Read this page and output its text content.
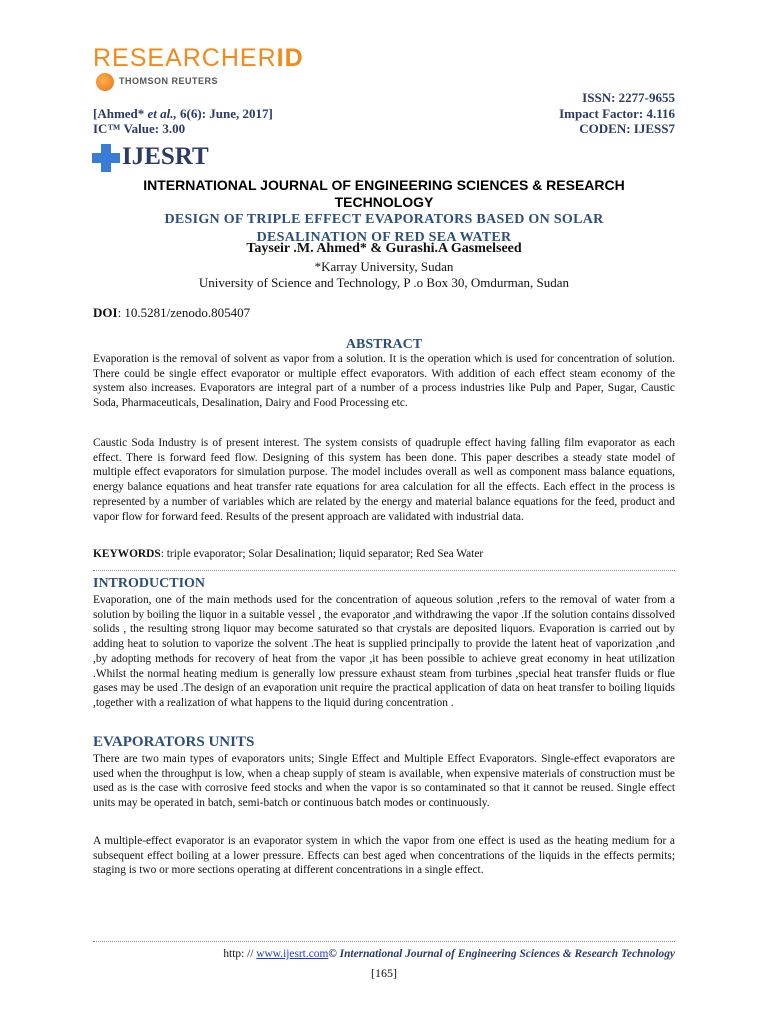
RESEARCHERID
THOMSON REUTERS
ISSN: 2277-9655
[Ahmed* et al., 6(6): June, 2017]	Impact Factor: 4.116
IC™ Value: 3.00	CODEN: IJESS7
IJESRT
INTERNATIONAL JOURNAL OF ENGINEERING SCIENCES & RESEARCH TECHNOLOGY
DESIGN OF TRIPLE EFFECT EVAPORATORS BASED ON SOLAR
DESALINATION OF RED SEA WATER
Tayseir .M. Ahmed* & Gurashi.A Gasmelseed
*Karray University, Sudan
University of Science and Technology, P .o Box 30, Omdurman, Sudan
DOI: 10.5281/zenodo.805407
ABSTRACT
Evaporation is the removal of solvent as vapor from a solution. It is the operation which is used for concentration of solution. There could be single effect evaporator or multiple effect evaporators. With addition of each effect steam economy of the system also increases. Evaporators are integral part of a number of a process industries like Pulp and Paper, Sugar, Caustic Soda, Pharmaceuticals, Desalination, Dairy and Food Processing etc.
Caustic Soda Industry is of present interest. The system consists of quadruple effect having falling film evaporator as each effect. There is forward feed flow. Designing of this system has been done. This paper describes a steady state model of multiple effect evaporators for simulation purpose. The model includes overall as well as component mass balance equations, energy balance equations and heat transfer rate equations for area calculation for all the effects. Each effect in the process is represented by a number of variables which are related by the energy and material balance equations for the feed, product and vapor flow for forward feed. Results of the present approach are validated with industrial data.
KEYWORDS: triple evaporator; Solar Desalination; liquid separator; Red Sea Water
INTRODUCTION
Evaporation, one of the main methods used for the concentration of aqueous solution ,refers to the removal of water from a solution by boiling the liquor in a suitable vessel , the evaporator ,and withdrawing the vapor .If the solution contains dissolved solids , the resulting strong liquor may become saturated so that crystals are deposited liquors. Evaporation is carried out by adding heat to solution to vaporize the solvent .The heat is supplied principally to provide the latent heat of vaporization ,and ,by adopting methods for recovery of heat from the vapor ,it has been possible to achieve great economy in heat utilization .Whilst the normal heating medium is generally low pressure exhaust steam from turbines ,special heat transfer fluids or flue gases may be used .The design of an evaporation unit require the practical application of data on heat transfer to boiling liquids ,together with a realization of what happens to the liquid during concentration .
EVAPORATORS UNITS
There are two main types of evaporators units; Single Effect and Multiple Effect Evaporators. Single-effect evaporators are used when the throughput is low, when a cheap supply of steam is available, when expensive materials of construction must be used as is the case with corrosive feed stocks and when the vapor is so contaminated so that it cannot be reused. Single effect units may be operated in batch, semi-batch or continuous batch modes or continuously.
A multiple-effect evaporator is an evaporator system in which the vapor from one effect is used as the heating medium for a subsequent effect boiling at a lower pressure. Effects can best aged when concentrations of the liquids in the effects permits; staging is two or more sections operating at different concentrations in a single effect.
http: // www.ijesrt.com© International Journal of Engineering Sciences & Research Technology
[165]
